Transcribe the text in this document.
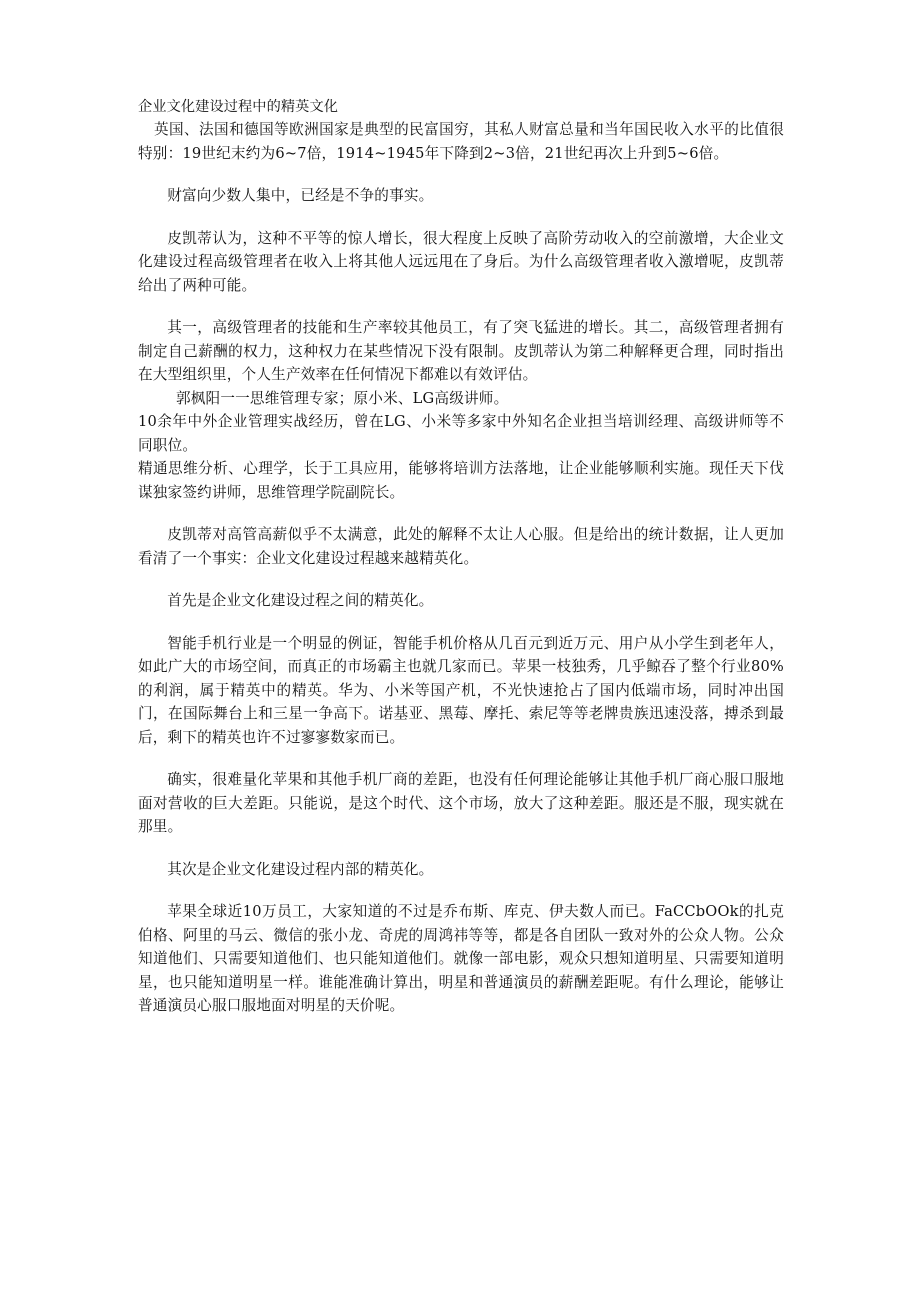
企业文化建设过程中的精英文化

英国、法国和德国等欧洲国家是典型的民富国穷，其私人财富总量和当年国民收入水平的比值很特别：19世纪末约为6~7倍，1914~1945年下降到2~3倍，21世纪再次上升到5~6倍。

财富向少数人集中，已经是不争的事实。

皮凯蒂认为，这种不平等的惊人增长，很大程度上反映了高阶劳动收入的空前激增，大企业文化建设过程高级管理者在收入上将其他人远远甩在了身后。为什么高级管理者收入激增呢，皮凯蒂给出了两种可能。

其一，高级管理者的技能和生产率较其他员工，有了突飞猛进的增长。其二，高级管理者拥有制定自己薪酬的权力，这种权力在某些情况下没有限制。皮凯蒂认为第二种解释更合理，同时指出在大型组织里，个人生产效率在任何情况下都难以有效评估。

郭枫阳一一思维管理专家；原小米、LG高级讲师。

10余年中外企业管理实战经历，曾在LG、小米等多家中外知名企业担当培训经理、高级讲师等不同职位。

精通思维分析、心理学，长于工具应用，能够将培训方法落地，让企业能够顺利实施。现任天下伐谋独家签约讲师，思维管理学院副院长。

皮凯蒂对高管高薪似乎不太满意，此处的解释不太让人心服。但是给出的统计数据，让人更加看清了一个事实：企业文化建设过程越来越精英化。

首先是企业文化建设过程之间的精英化。

智能手机行业是一个明显的例证，智能手机价格从几百元到近万元、用户从小学生到老年人，如此广大的市场空间，而真正的市场霸主也就几家而已。苹果一枝独秀，几乎鲸吞了整个行业80%的利润，属于精英中的精英。华为、小米等国产机，不光快速抢占了国内低端市场，同时冲出国门，在国际舞台上和三星一争高下。诺基亚、黑莓、摩托、索尼等等老牌贵族迅速没落，搏杀到最后，剩下的精英也许不过寥寥数家而已。

确实，很难量化苹果和其他手机厂商的差距，也没有任何理论能够让其他手机厂商心服口服地面对营收的巨大差距。只能说，是这个时代、这个市场，放大了这种差距。服还是不服，现实就在那里。

其次是企业文化建设过程内部的精英化。

苹果全球近10万员工，大家知道的不过是乔布斯、库克、伊夫数人而已。FaCCbOOk的扎克伯格、阿里的马云、微信的张小龙、奇虎的周鸿祎等等，都是各自团队一致对外的公众人物。公众知道他们、只需要知道他们、也只能知道他们。就像一部电影，观众只想知道明星、只需要知道明星，也只能知道明星一样。谁能准确计算出，明星和普通演员的薪酬差距呢。有什么理论，能够让普通演员心服口服地面对明星的天价呢。
